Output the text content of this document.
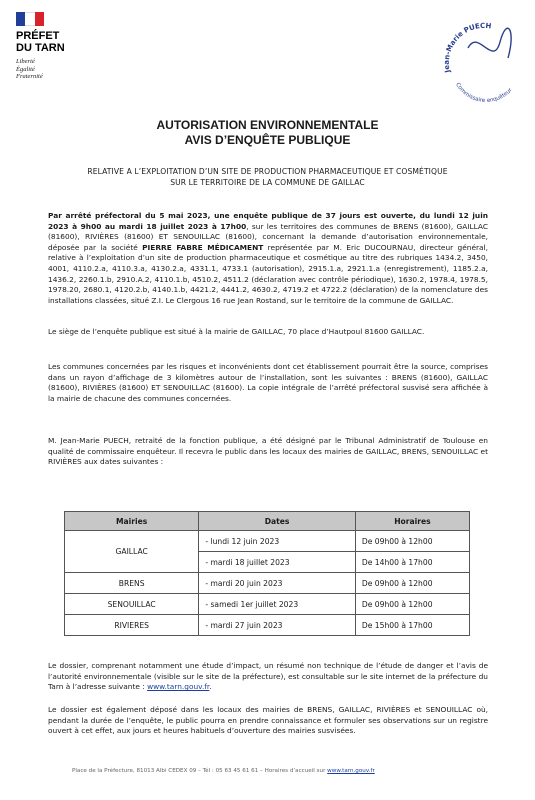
PRÉFET
DU TARN
Liberté
Égalité
Fraternité
Jean-Marie PUECH
Commissaire enquêteur
AUTORISATION ENVIRONNEMENTALE
AVIS D’ENQUÊTE PUBLIQUE
RELATIVE A L’EXPLOITATION D’UN SITE DE PRODUCTION PHARMACEUTIQUE ET COSMÉTIQUE
SUR LE TERRITOIRE DE LA COMMUNE DE GAILLAC

Par arrêté préfectoral du 5 mai 2023, une enquête publique de 37 jours est ouverte, du lundi 12 juin 2023 à 9h00 au mardi 18 juillet 2023 à 17h00, sur les territoires des communes de BRENS (81600), GAILLAC (81600), RIVIÈRES (81600) ET SENOUILLAC (81600), concernant la demande d’autorisation environnementale, déposée par la société PIERRE FABRE MÉDICAMENT représentée par M. Eric DUCOURNAU, directeur général, relative à l’exploitation d’un site de production pharmaceutique et cosmétique au titre des rubriques 1434.2, 3450, 4001, 4110.2.a, 4110.3.a, 4130.2.a, 4331.1, 4733.1 (autorisation), 2915.1.a, 2921.1.a (enregistrement), 1185.2.a, 1436.2, 2260.1.b, 2910.A.2, 4110.1.b, 4510.2, 4511.2 (déclaration avec contrôle périodique), 1630.2, 1978.4, 1978.5, 1978.20, 2680.1, 4120.2.b, 4140.1.b, 4421.2, 4441.2, 4630.2, 4719.2 et 4722.2 (déclaration) de la nomenclature des installations classées, situé Z.I. Le Clergous 16 rue Jean Rostand, sur le territoire de la commune de GAILLAC.

Le siège de l’enquête publique est situé à la mairie de GAILLAC, 70 place d’Hautpoul 81600 GAILLAC.

Les communes concernées par les risques et inconvénients dont cet établissement pourrait être la source, comprises dans un rayon d’affichage de 3 kilomètres autour de l’installation, sont les suivantes : BRENS (81600), GAILLAC (81600), RIVIÈRES (81600) ET SENOUILLAC (81600). La copie intégrale de l’arrêté préfectoral susvisé sera affichée à la mairie de chacune des communes concernées.

M. Jean-Marie PUECH, retraité de la fonction publique, a été désigné par le Tribunal Administratif de Toulouse en qualité de commissaire enquêteur. Il recevra le public dans les locaux des mairies de GAILLAC, BRENS, SENOUILLAC et RIVIÈRES aux dates suivantes :

Mairies	Dates	Horaires
GAILLAC	- lundi 12 juin 2023	De 09h00 à 12h00
	- mardi 18 juillet 2023	De 14h00 à 17h00
BRENS	- mardi 20 juin 2023	De 09h00 à 12h00
SENOUILLAC	- samedi 1er juillet 2023	De 09h00 à 12h00
RIVIERES	- mardi 27 juin 2023	De 15h00 à 17h00

Le dossier, comprenant notamment une étude d’impact, un résumé non technique de l’étude de danger et l’avis de l’autorité environnementale (visible sur le site de la préfecture), est consultable sur le site internet de la préfecture du Tarn à l’adresse suivante : www.tarn.gouv.fr.

Le dossier est également déposé dans les locaux des mairies de BRENS, GAILLAC, RIVIÈRES et SENOUILLAC où, pendant la durée de l’enquête, le public pourra en prendre connaissance et formuler ses observations sur un registre ouvert à cet effet, aux jours et heures habituels d’ouverture des mairies susvisées.

Place de la Préfecture, 81013 Albi CEDEX 09 – Tél : 05 63 45 61 61 – Horaires d’accueil sur www.tarn.gouv.fr
